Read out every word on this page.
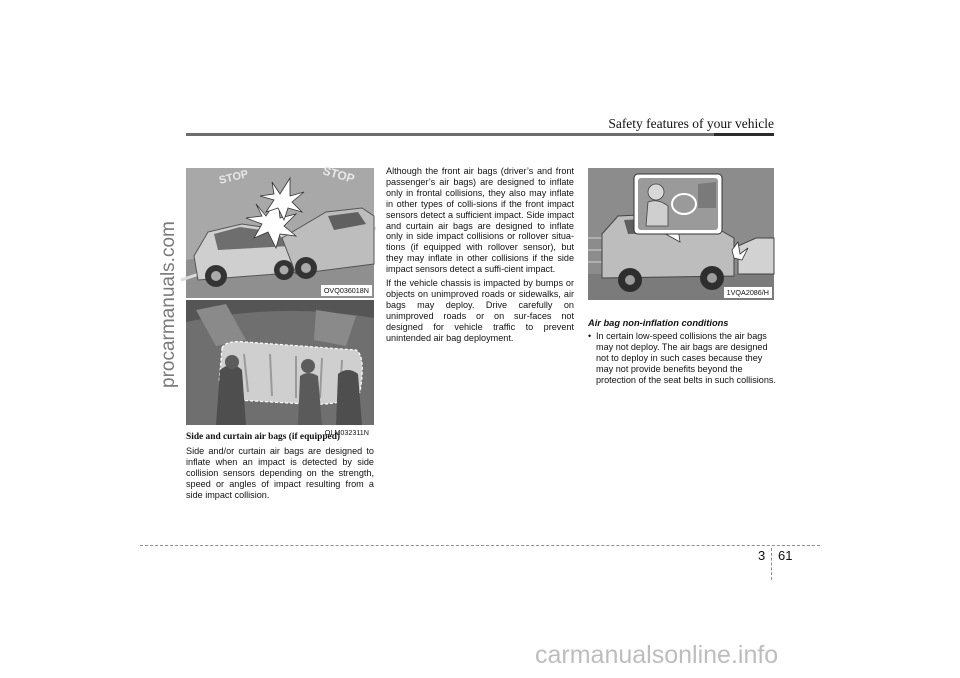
Safety features of your vehicle
procarmanuals.com
STOP	STOP
OVQ036018N
OLM032311N
Side and curtain air bags (if equipped)

Side and/or curtain air bags are designed to inflate when an impact is detected by side collision sensors depending on the strength, speed or angles of impact resulting from a side impact collision.

Although the front air bags (driver’s and front passenger’s air bags) are designed to inflate only in frontal collisions, they also may inflate in other types of colli-sions if the front impact sensors detect a sufficient impact. Side impact and curtain air bags are designed to inflate only in side impact collisions or rollover situa-tions (if equipped with rollover sensor), but they may inflate in other collisions if the side impact sensors detect a suffi-cient impact.

If the vehicle chassis is impacted by bumps or objects on unimproved roads or sidewalks, air bags may deploy. Drive carefully on unimproved roads or on sur-faces not designed for vehicle traffic to prevent unintended air bag deployment.

1VQA2086/H
Air bag non-inflation conditions
• In certain low-speed collisions the air bags may not deploy. The air bags are designed not to deploy in such cases because they may not provide benefits beyond the protection of the seat belts in such collisions.
3 61
carmanualsonline.info
